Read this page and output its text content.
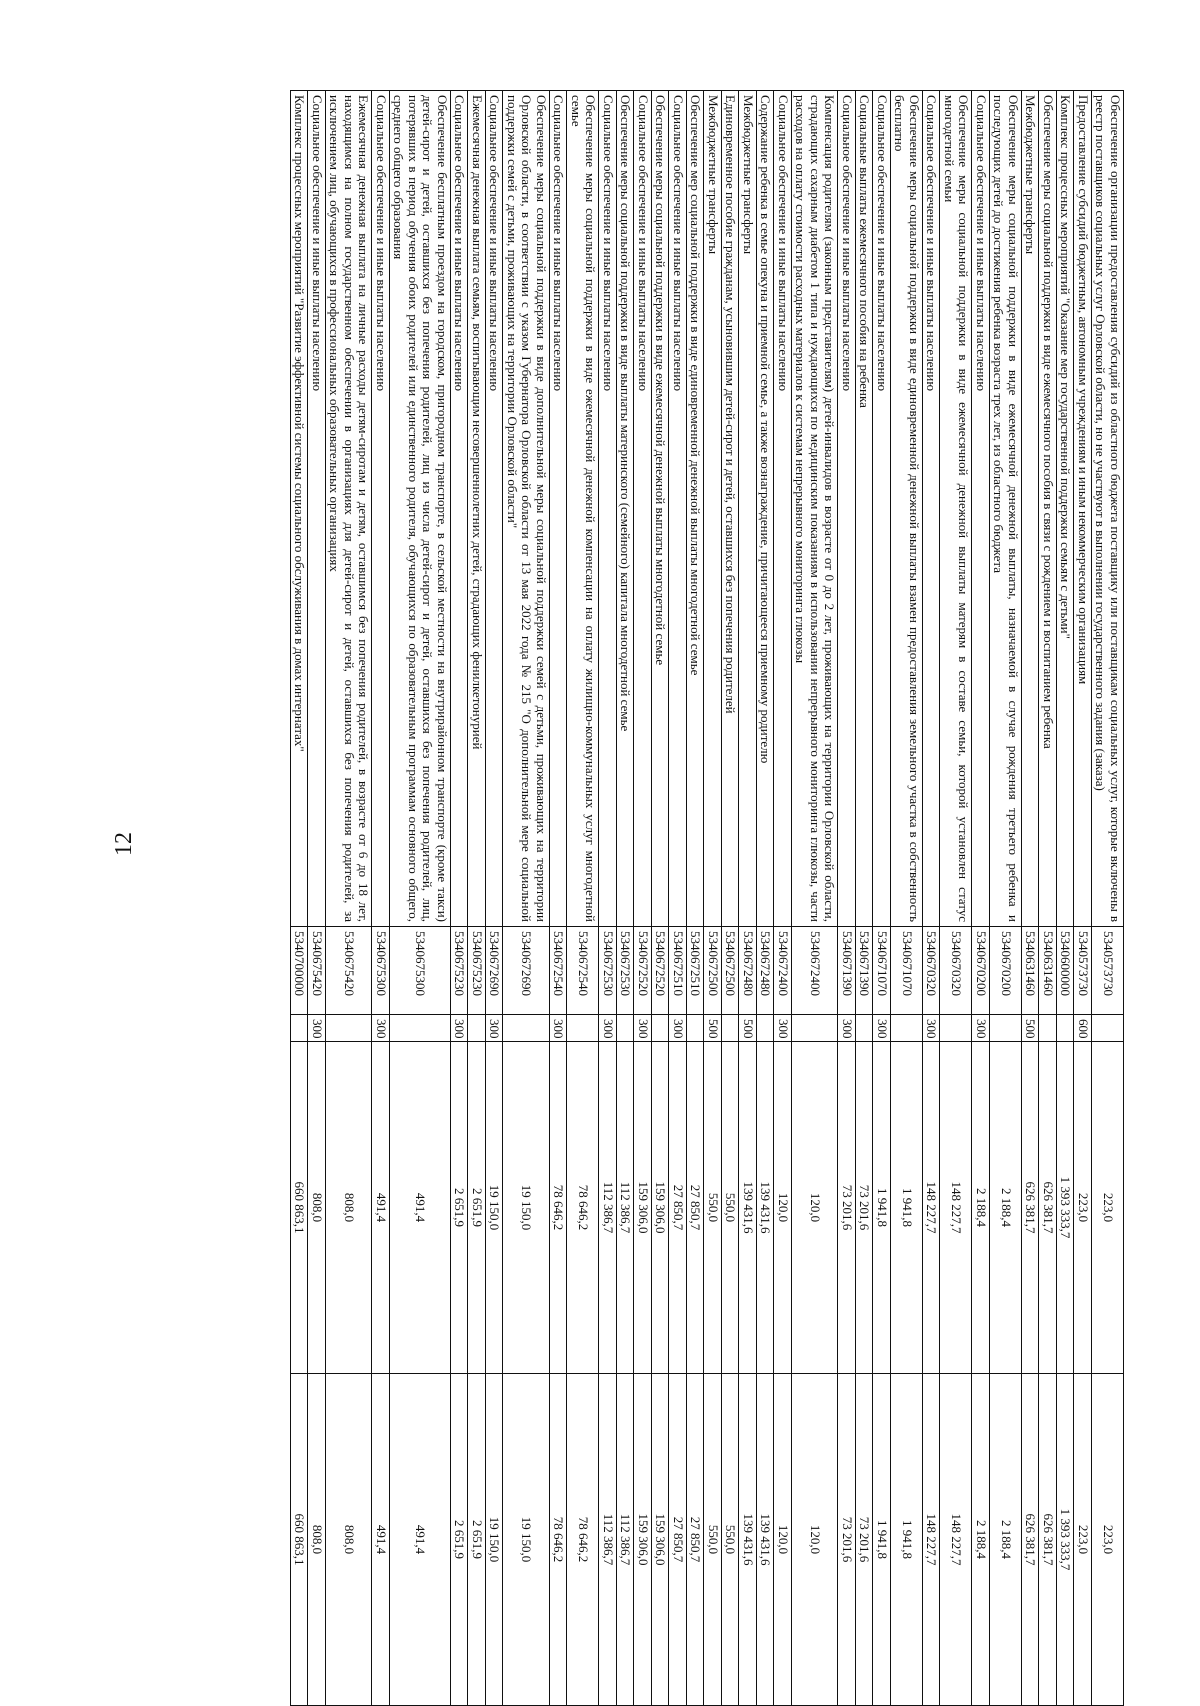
12	Обеспечение организации предоставления субсидий из областного бюджета поставщику или поставщикам социальных услуг, которые включены в реестр поставщиков социальных услуг Орловской области, но не участвуют в выполнении государственного задания (заказа)	5340573730		223,0	223,0
Предоставление субсидий бюджетным, автономным учреждениям и иным некоммерческим организациям	5340573730	600	223,0	223,0
Комплекс процессных мероприятий "Оказание мер государственной поддержки семьям с детьми"	5340600000		1 393 333,7	1 393 333,7
Обеспечение меры социальной поддержки в виде ежемесячного пособия в связи с рождением и воспитанием ребенка	5340631460		626 381,7	626 381,7
Межбюджетные трансферты	5340631460	500	626 381,7	626 381,7
Обеспечение меры социальной поддержки в виде ежемесячной денежной выплаты, назначаемой в случае рождения третьего ребенка и последующих детей до достижения ребенка возраста трех лет, из областного бюджета	5340670200		2 188,4	2 188,4
Социальное обеспечение и иные выплаты населению	5340670200	300	2 188,4	2 188,4
Обеспечение меры социальной поддержки в виде ежемесячной денежной выплаты матерям в составе семьи, которой установлен статус многодетной семьи	5340670320		148 227,7	148 227,7
Социальное обеспечение и иные выплаты населению	5340670320	300	148 227,7	148 227,7
Обеспечение меры социальной поддержки в виде единовременной денежной выплаты взамен предоставления земельного участка в собственность бесплатно	5340671070		1 941,8	1 941,8
Социальное обеспечение и иные выплаты населению	5340671070	300	1 941,8	1 941,8
Социальные выплаты ежемесячного пособия на ребенка	5340671390		73 201,6	73 201,6
Социальное обеспечение и иные выплаты населению	5340671390	300	73 201,6	73 201,6
Компенсация родителям (законным представителям) детей-инвалидов в возрасте от 0 до 2 лет, проживающих на территории Орловской области, страдающих сахарным диабетом 1 типа и нуждающихся по медицинским показаниям в использовании непрерывного мониторинга глюкозы, части расходов на оплату стоимости расходных материалов к системам непрерывного мониторинга глюкозы	5340672400		120,0	120,0
Социальное обеспечение и иные выплаты населению	5340672400	300	120,0	120,0
Содержание ребенка в семье опекуна и приемной семье, а также вознаграждение, причитающееся приемному родителю	5340672480		139 431,6	139 431,6
Межбюджетные трансферты	5340672480	500	139 431,6	139 431,6
Единовременное пособие гражданам, усыновившим детей-сирот и детей, оставшихся без попечения родителей	5340672500		550,0	550,0
Межбюджетные трансферты	5340672500	500	550,0	550,0
Обеспечение мер социальной поддержки в виде единовременной денежной выплаты многодетной семье	5340672510		27 850,7	27 850,7
Социальное обеспечение и иные выплаты населению	5340672510	300	27 850,7	27 850,7
Обеспечение меры социальной поддержки в виде ежемесячной денежной выплаты многодетной семье	5340672520		159 306,0	159 306,0
Социальное обеспечение и иные выплаты населению	5340672520	300	159 306,0	159 306,0
Обеспечение меры социальной поддержки в виде выплаты материнского (семейного) капитала многодетной семье	5340672530		112 386,7	112 386,7
Социальное обеспечение и иные выплаты населению	5340672530	300	112 386,7	112 386,7
Обеспечение меры социальной поддержки в виде ежемесячной денежной компенсации на оплату жилищно-коммунальных услуг многодетной семье	5340672540		78 646,2	78 646,2
Социальное обеспечение и иные выплаты населению	5340672540	300	78 646,2	78 646,2
Обеспечение меры социальной поддержки в виде дополнительной меры социальной поддержки семей с детьми, проживающих на территории Орловской области, в соответствии с указом Губернатора Орловской области от 13 мая 2022 года № 215 "О дополнительной мере социальной поддержки семей с детьми, проживающих на территории Орловской области"	5340672690		19 150,0	19 150,0
Социальное обеспечение и иные выплаты населению	5340672690	300	19 150,0	19 150,0
Ежемесячная денежная выплата семьям, воспитывающим несовершеннолетних детей, страдающих фенилкетонурией	5340675230		2 651,9	2 651,9
Социальное обеспечение и иные выплаты населению	5340675230	300	2 651,9	2 651,9
Обеспечение бесплатным проездом на городском, пригородном транспорте, в сельской местности на внутрирайонном транспорте (кроме такси) детей-сирот и детей, оставшихся без попечения родителей, лиц из числа детей-сирот и детей, оставшихся без попечения родителей, лиц, потерявших в период обучения обоих родителей или единственного родителя, обучающихся по образовательным программам основного общего, среднего общего образования	5340675300		491,4	491,4
Социальное обеспечение и иные выплаты населению	5340675300	300	491,4	491,4
Ежемесячная денежная выплата на личные расходы детям-сиротам и детям, оставшимся без попечения родителей, в возрасте от 6 до 18 лет, находящимся на полном государственном обеспечении в организациях для детей-сирот и детей, оставшихся без попечения родителей, за исключением лиц, обучающихся в профессиональных образовательных организациях	5340675420		808,0	808,0
Социальное обеспечение и иные выплаты населению	5340675420	300	808,0	808,0
Комплекс процессных мероприятий "Развитие эффективной системы социального обслуживания в домах интернатах"	5340700000		660 863,1	660 863,1
